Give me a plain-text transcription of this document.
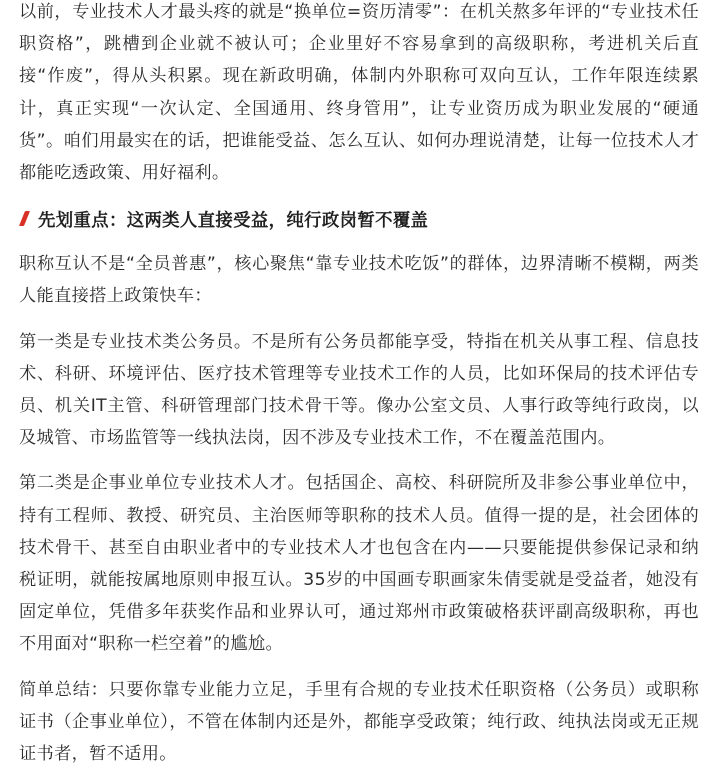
以前，专业技术人才最头疼的就是“换单位=资历清零”：在机关熬多年评的“专业技术任职资格”，跳槽到企业就不被认可；企业里好不容易拿到的高级职称，考进机关后直接“作废”，得从头积累。现在新政明确，体制内外职称可双向互认，工作年限连续累计，真正实现“一次认定、全国通用、终身管用”，让专业资历成为职业发展的“硬通货”。咱们用最实在的话，把谁能受益、怎么互认、如何办理说清楚，让每一位技术人才都能吃透政策、用好福利。

先划重点：这两类人直接受益，纯行政岗暂不覆盖

职称互认不是“全员普惠”，核心聚焦“靠专业技术吃饭”的群体，边界清晰不模糊，两类人能直接搭上政策快车：

第一类是专业技术类公务员。不是所有公务员都能享受，特指在机关从事工程、信息技术、科研、环境评估、医疗技术管理等专业技术工作的人员，比如环保局的技术评估专员、机关IT主管、科研管理部门技术骨干等。像办公室文员、人事行政等纯行政岗，以及城管、市场监管等一线执法岗，因不涉及专业技术工作，不在覆盖范围内。

第二类是企事业单位专业技术人才。包括国企、高校、科研院所及非参公事业单位中，持有工程师、教授、研究员、主治医师等职称的技术人员。值得一提的是，社会团体的技术骨干、甚至自由职业者中的专业技术人才也包含在内——只要能提供参保记录和纳税证明，就能按属地原则申报互认。35岁的中国画专职画家朱倩雯就是受益者，她没有固定单位，凭借多年获奖作品和业界认可，通过郑州市政策破格获评副高级职称，再也不用面对“职称一栏空着”的尴尬。

简单总结：只要你靠专业能力立足，手里有合规的专业技术任职资格（公务员）或职称证书（企事业单位），不管在体制内还是外，都能享受政策；纯行政、纯执法岗或无正规证书者，暂不适用。
